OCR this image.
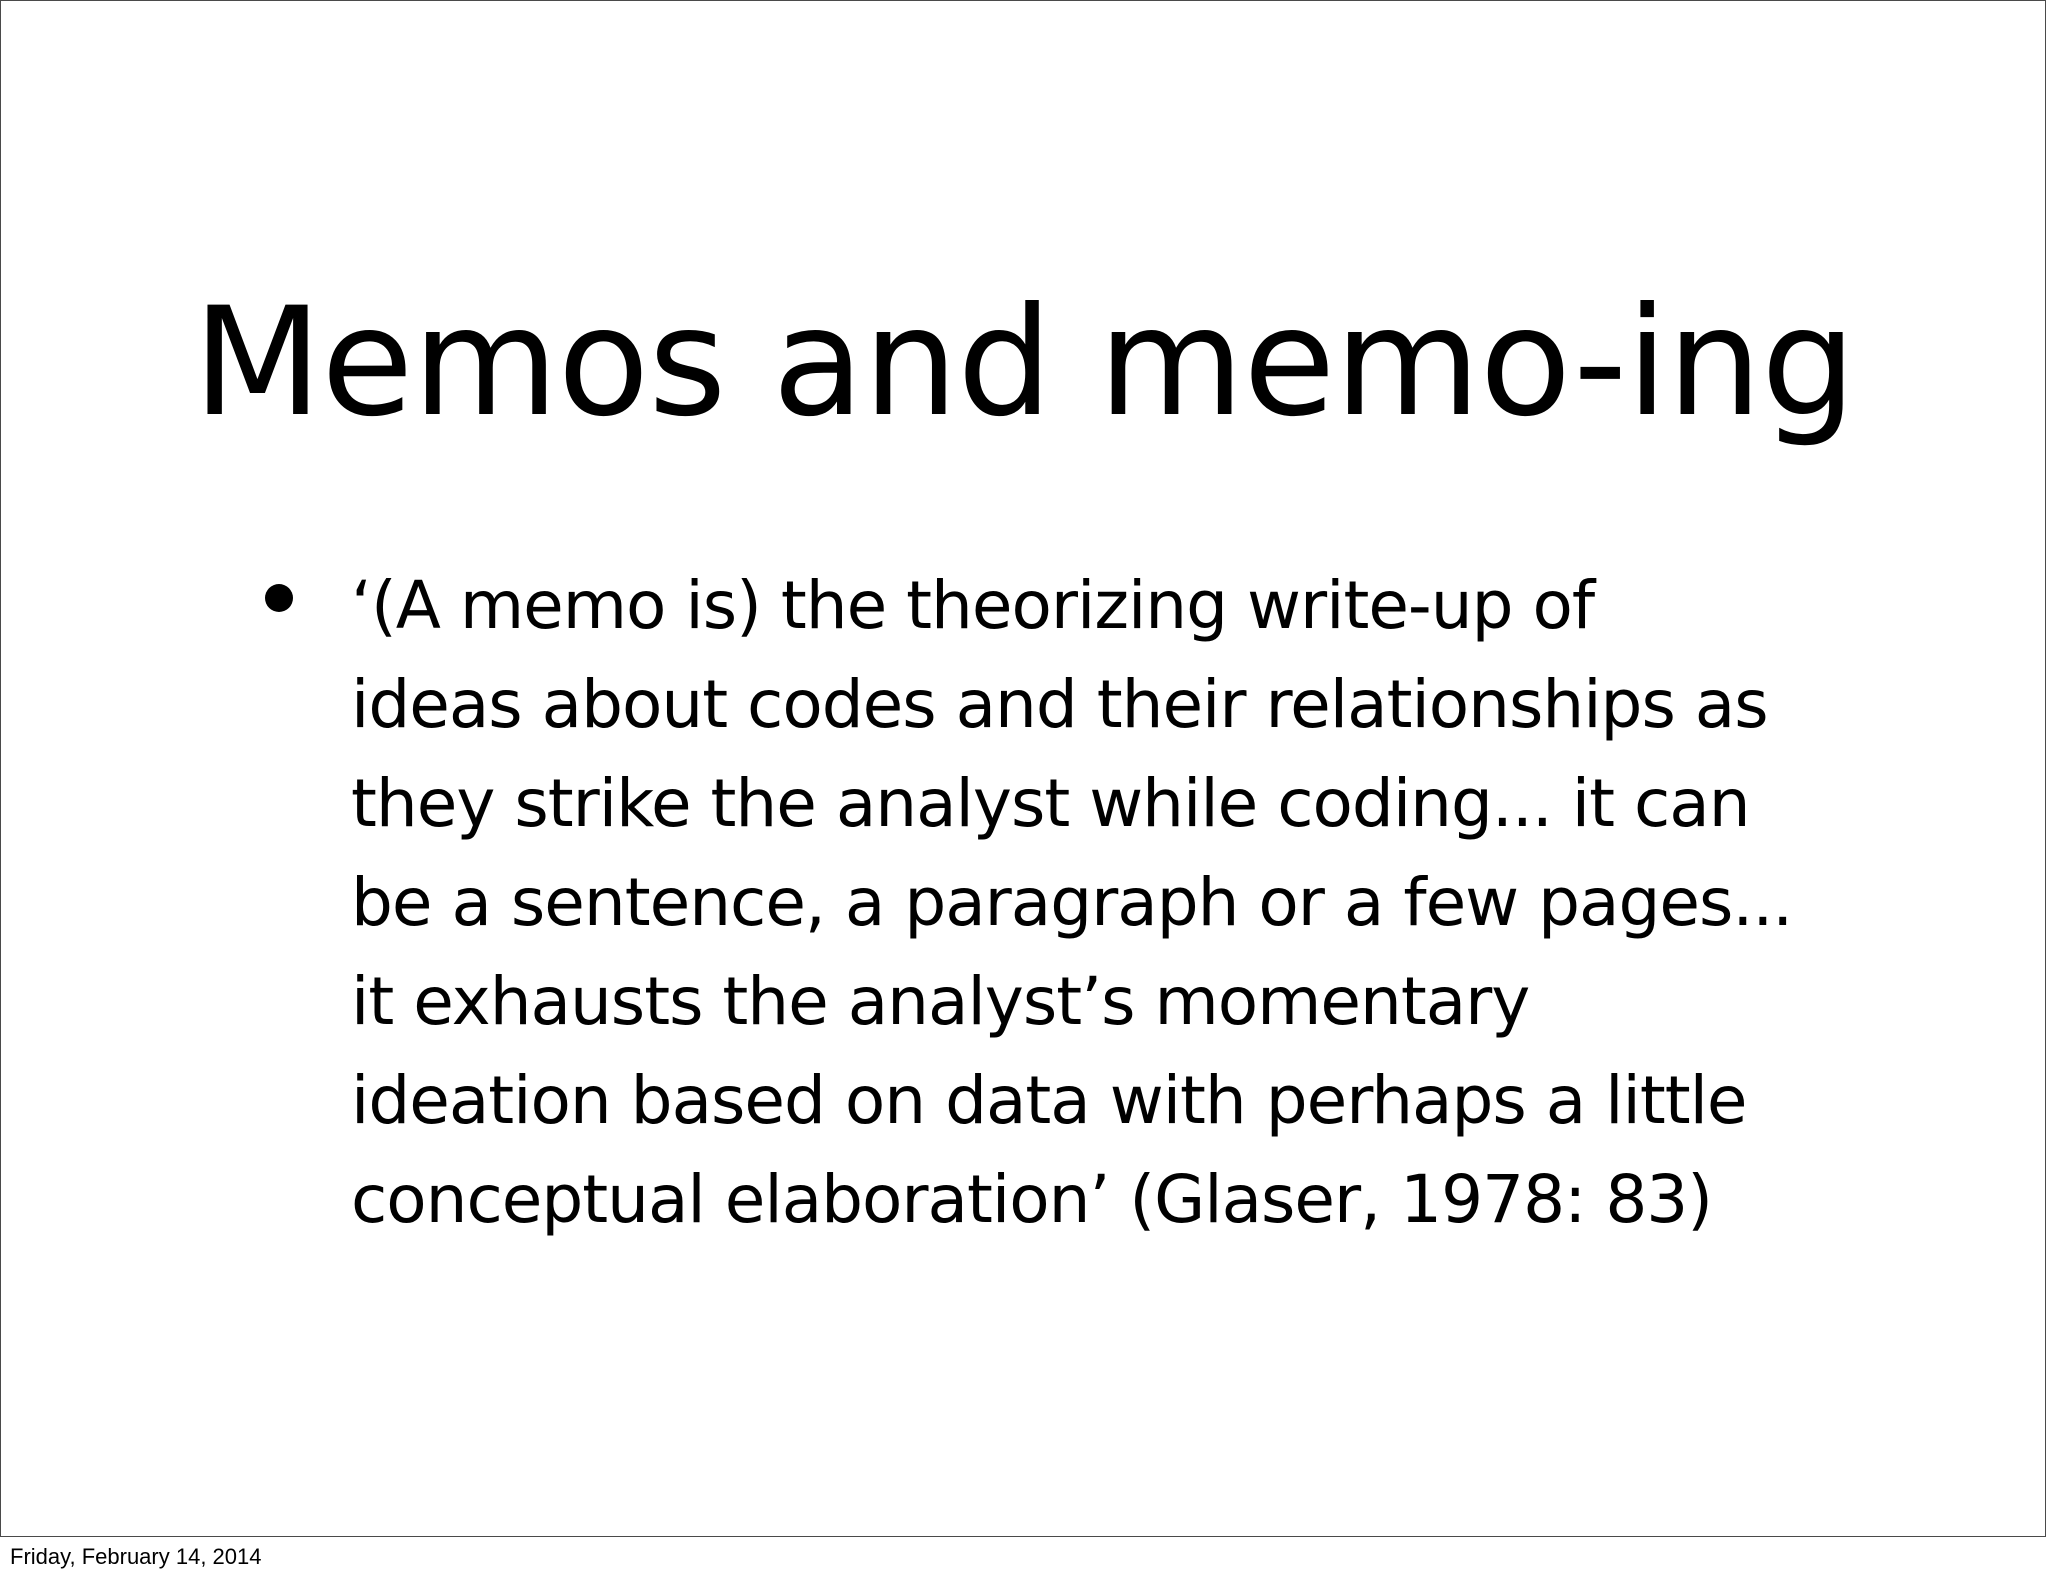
Memos and memo-ing
‘(A memo is) the theorizing write-up of
ideas about codes and their relationships as
they strike the analyst while coding... it can
be a sentence, a paragraph or a few pages...
it exhausts the analyst’s momentary
ideation based on data with perhaps a little
conceptual elaboration’ (Glaser, 1978: 83)
Friday, February 14, 2014
